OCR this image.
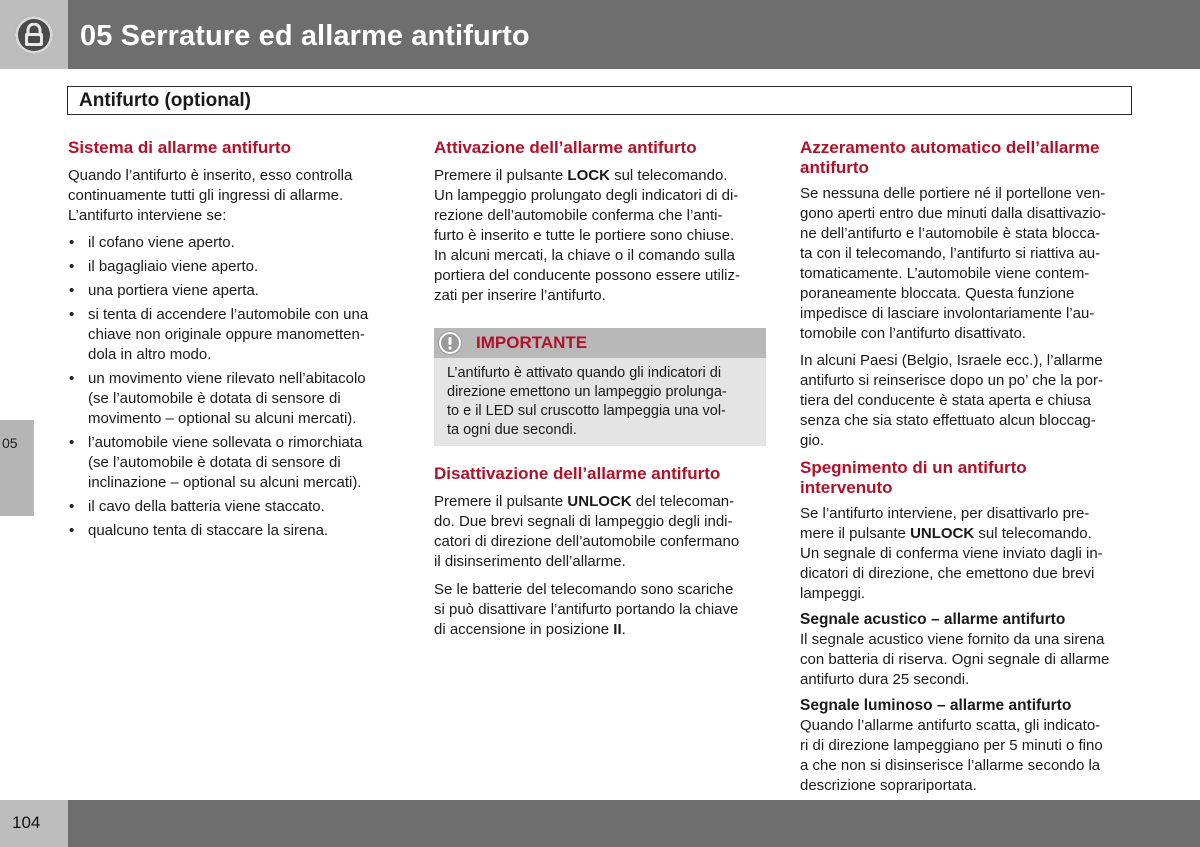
05 Serrature ed allarme antifurto
Antifurto (optional)
05
Sistema di allarme antifurto

Quando l’antifurto è inserito, esso controlla
continuamente tutti gli ingressi di allarme.
L’antifurto interviene se:

• il cofano viene aperto.
• il bagagliaio viene aperto.
• una portiera viene aperta.
• si tenta di accendere l’automobile con una
chiave non originale oppure manometten-
dola in altro modo.
• un movimento viene rilevato nell’abitacolo
(se l’automobile è dotata di sensore di
movimento – optional su alcuni mercati).
• l’automobile viene sollevata o rimorchiata
(se l’automobile è dotata di sensore di
inclinazione – optional su alcuni mercati).
• il cavo della batteria viene staccato.
• qualcuno tenta di staccare la sirena.
Attivazione dell’allarme antifurto

Premere il pulsante LOCK sul telecomando.
Un lampeggio prolungato degli indicatori di di-
rezione dell’automobile conferma che l’anti-
furto è inserito e tutte le portiere sono chiuse.
In alcuni mercati, la chiave o il comando sulla
portiera del conducente possono essere utiliz-
zati per inserire l’antifurto.

IMPORTANTE
L’antifurto è attivato quando gli indicatori di
direzione emettono un lampeggio prolunga-
to e il LED sul cruscotto lampeggia una vol-
ta ogni due secondi.
Disattivazione dell’allarme antifurto

Premere il pulsante UNLOCK del telecoman-
do. Due brevi segnali di lampeggio degli indi-
catori di direzione dell’automobile confermano
il disinserimento dell’allarme.

Se le batterie del telecomando sono scariche
si può disattivare l’antifurto portando la chiave
di accensione in posizione II.

Azzeramento automatico dell’allarme
antifurto

Se nessuna delle portiere né il portellone ven-
gono aperti entro due minuti dalla disattivazio-
ne dell’antifurto e l’automobile è stata blocca-
ta con il telecomando, l’antifurto si riattiva au-
tomaticamente. L’automobile viene contem-
poraneamente bloccata. Questa funzione
impedisce di lasciare involontariamente l’au-
tomobile con l’antifurto disattivato.

In alcuni Paesi (Belgio, Israele ecc.), l’allarme
antifurto si reinserisce dopo un po’ che la por-
tiera del conducente è stata aperta e chiusa
senza che sia stato effettuato alcun bloccag-
gio.

Spegnimento di un antifurto
intervenuto

Se l’antifurto interviene, per disattivarlo pre-
mere il pulsante UNLOCK sul telecomando.
Un segnale di conferma viene inviato dagli in-
dicatori di direzione, che emettono due brevi
lampeggi.

Segnale acustico – allarme antifurto

Il segnale acustico viene fornito da una sirena
con batteria di riserva. Ogni segnale di allarme
antifurto dura 25 secondi.

Segnale luminoso – allarme antifurto

Quando l’allarme antifurto scatta, gli indicato-
ri di direzione lampeggiano per 5 minuti o fino
a che non si disinserisce l’allarme secondo la
descrizione soprariportata.

104
